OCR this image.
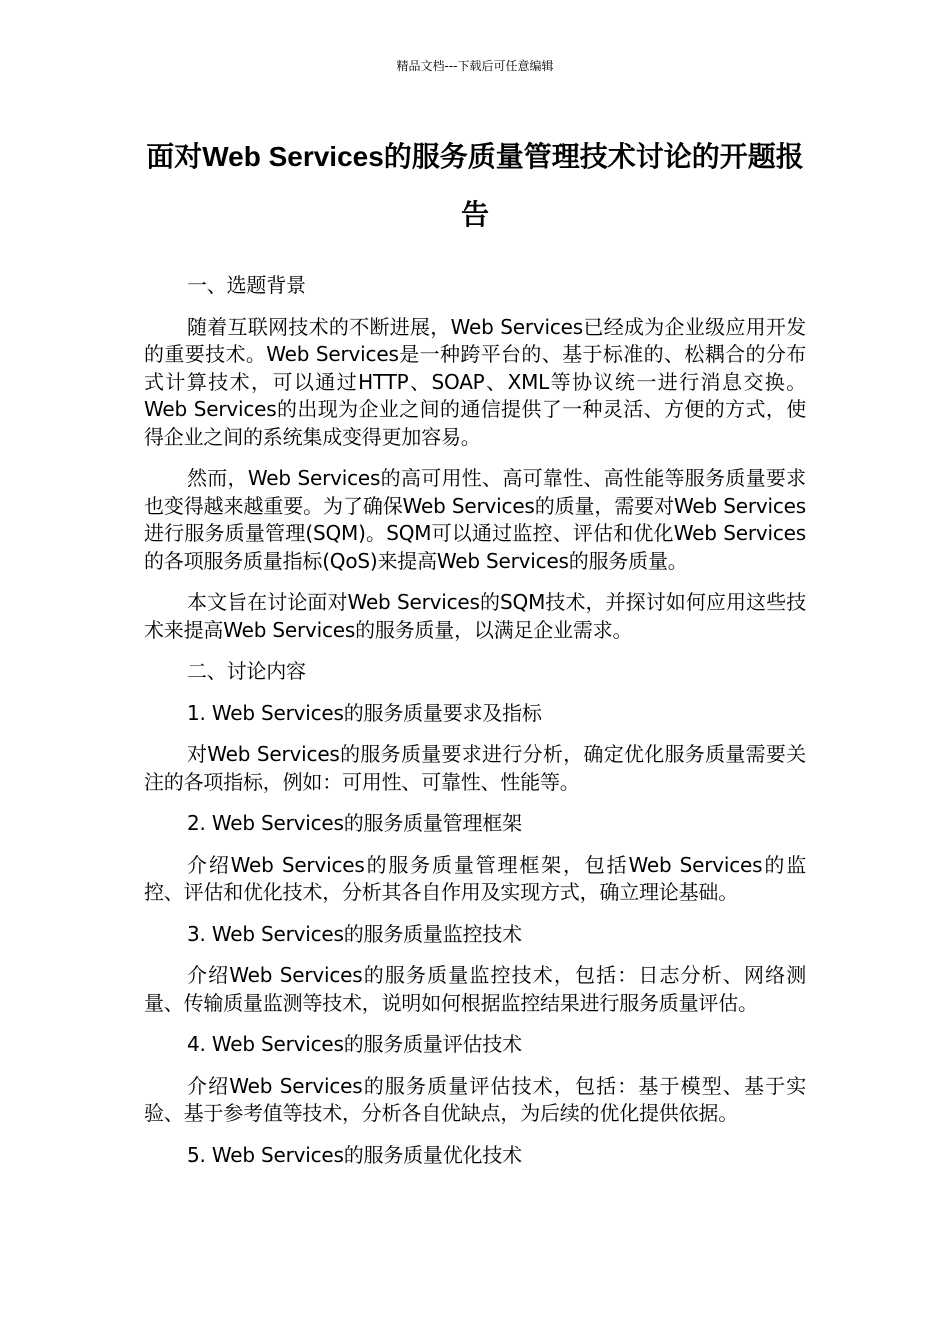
精品文档---下载后可任意编辑
面对Web Services的服务质量管理技术讨论的开题报告

一、选题背景

随着互联网技术的不断进展，Web Services已经成为企业级应用开发的重要技术。Web Services是一种跨平台的、基于标准的、松耦合的分布式计算技术，可以通过HTTP、SOAP、XML等协议统一进行消息交换。Web Services的出现为企业之间的通信提供了一种灵活、方便的方式，使得企业之间的系统集成变得更加容易。

然而，Web Services的高可用性、高可靠性、高性能等服务质量要求也变得越来越重要。为了确保Web Services的质量，需要对Web Services进行服务质量管理(SQM)。SQM可以通过监控、评估和优化Web Services的各项服务质量指标(QoS)来提高Web Services的服务质量。

本文旨在讨论面对Web Services的SQM技术，并探讨如何应用这些技术来提高Web Services的服务质量，以满足企业需求。

二、讨论内容

1. Web Services的服务质量要求及指标

对Web Services的服务质量要求进行分析，确定优化服务质量需要关注的各项指标，例如：可用性、可靠性、性能等。

2. Web Services的服务质量管理框架

介绍Web Services的服务质量管理框架，包括Web Services的监控、评估和优化技术，分析其各自作用及实现方式，确立理论基础。

3. Web Services的服务质量监控技术

介绍Web Services的服务质量监控技术，包括：日志分析、网络测量、传输质量监测等技术，说明如何根据监控结果进行服务质量评估。

4. Web Services的服务质量评估技术

介绍Web Services的服务质量评估技术，包括：基于模型、基于实验、基于参考值等技术，分析各自优缺点，为后续的优化提供依据。

5. Web Services的服务质量优化技术
